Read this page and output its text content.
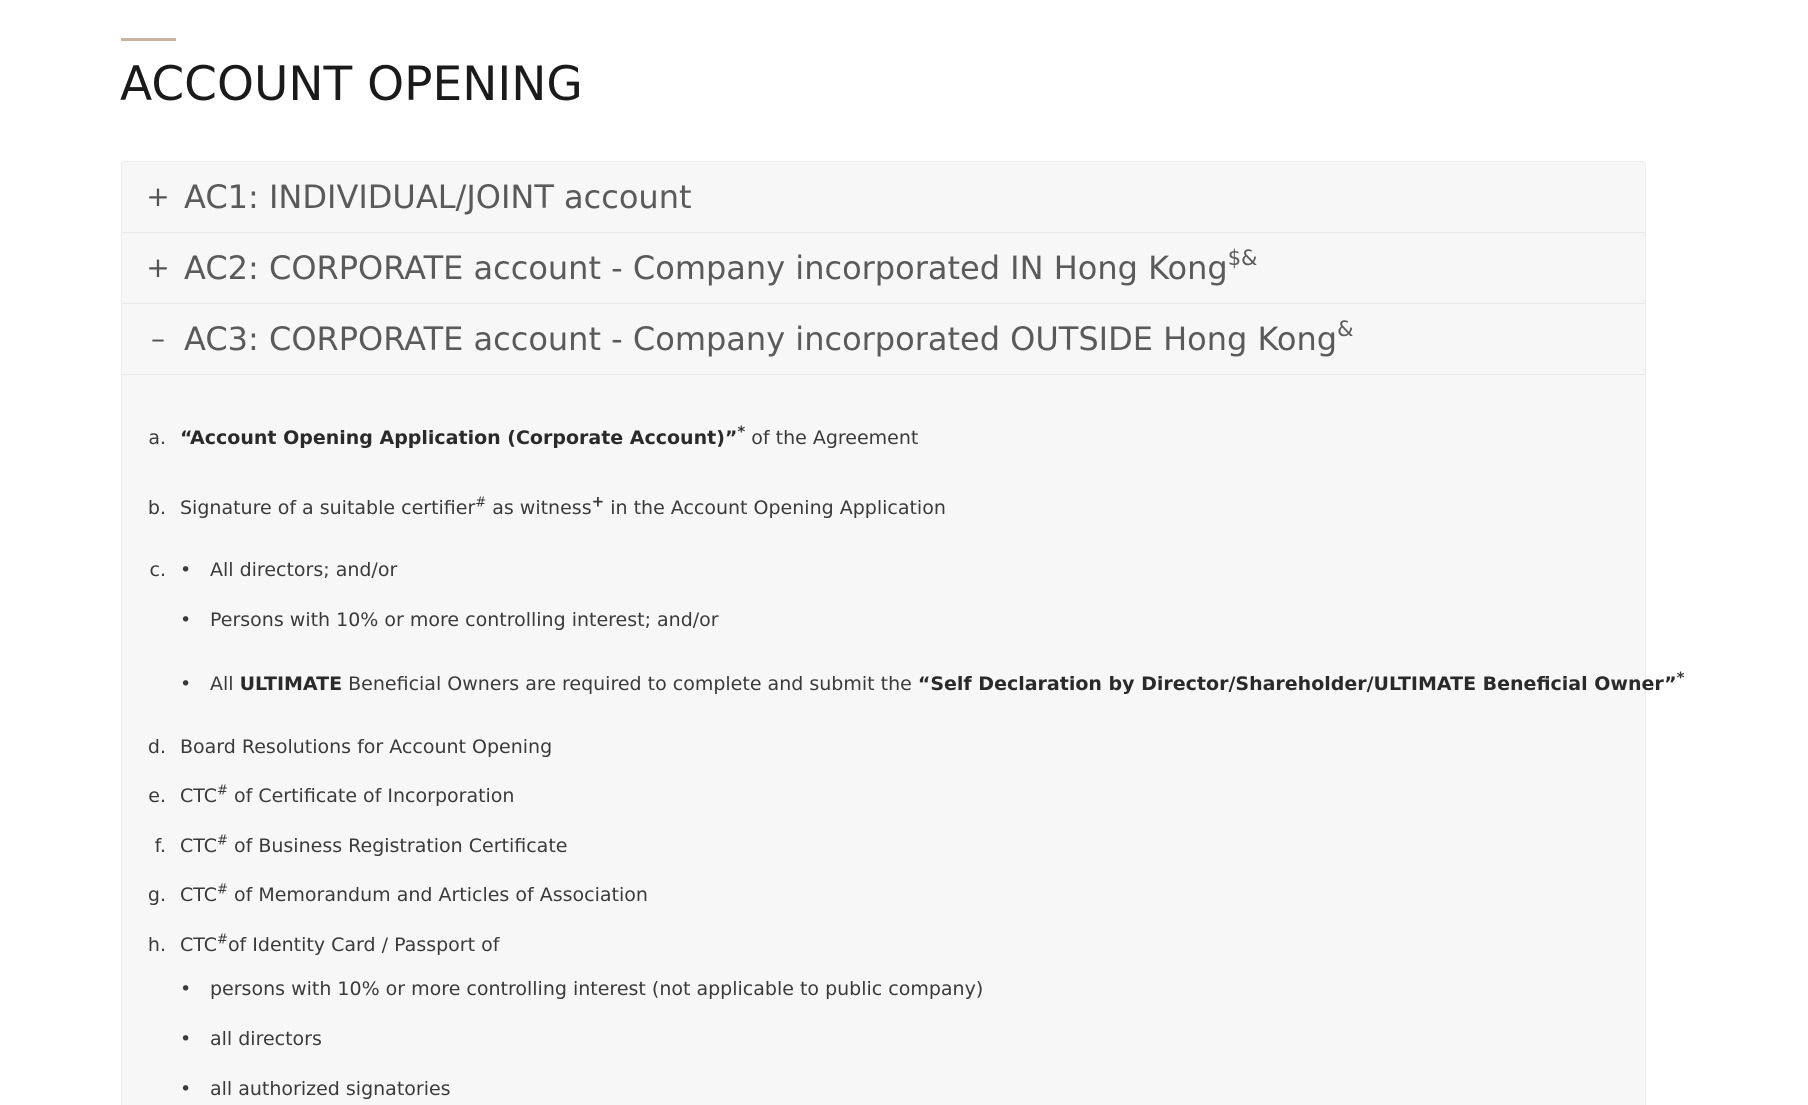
ACCOUNT OPENING
+ AC1: INDIVIDUAL/JOINT account
+ AC2: CORPORATE account - Company incorporated IN Hong Kong$&
– AC3: CORPORATE account - Company incorporated OUTSIDE Hong Kong&
a. “Account Opening Application (Corporate Account)”* of the Agreement
b. Signature of a suitable certifier# as witness+ in the Account Opening Application
c. • All directors; and/or
• Persons with 10% or more controlling interest; and/or
• All ULTIMATE Beneficial Owners are required to complete and submit the “Self Declaration by Director/Shareholder/ULTIMATE Beneficial Owner”*
d. Board Resolutions for Account Opening
e. CTC# of Certificate of Incorporation
f. CTC# of Business Registration Certificate
g. CTC# of Memorandum and Articles of Association
h. CTC#of Identity Card / Passport of
• persons with 10% or more controlling interest (not applicable to public company)
• all directors
• all authorized signatories
